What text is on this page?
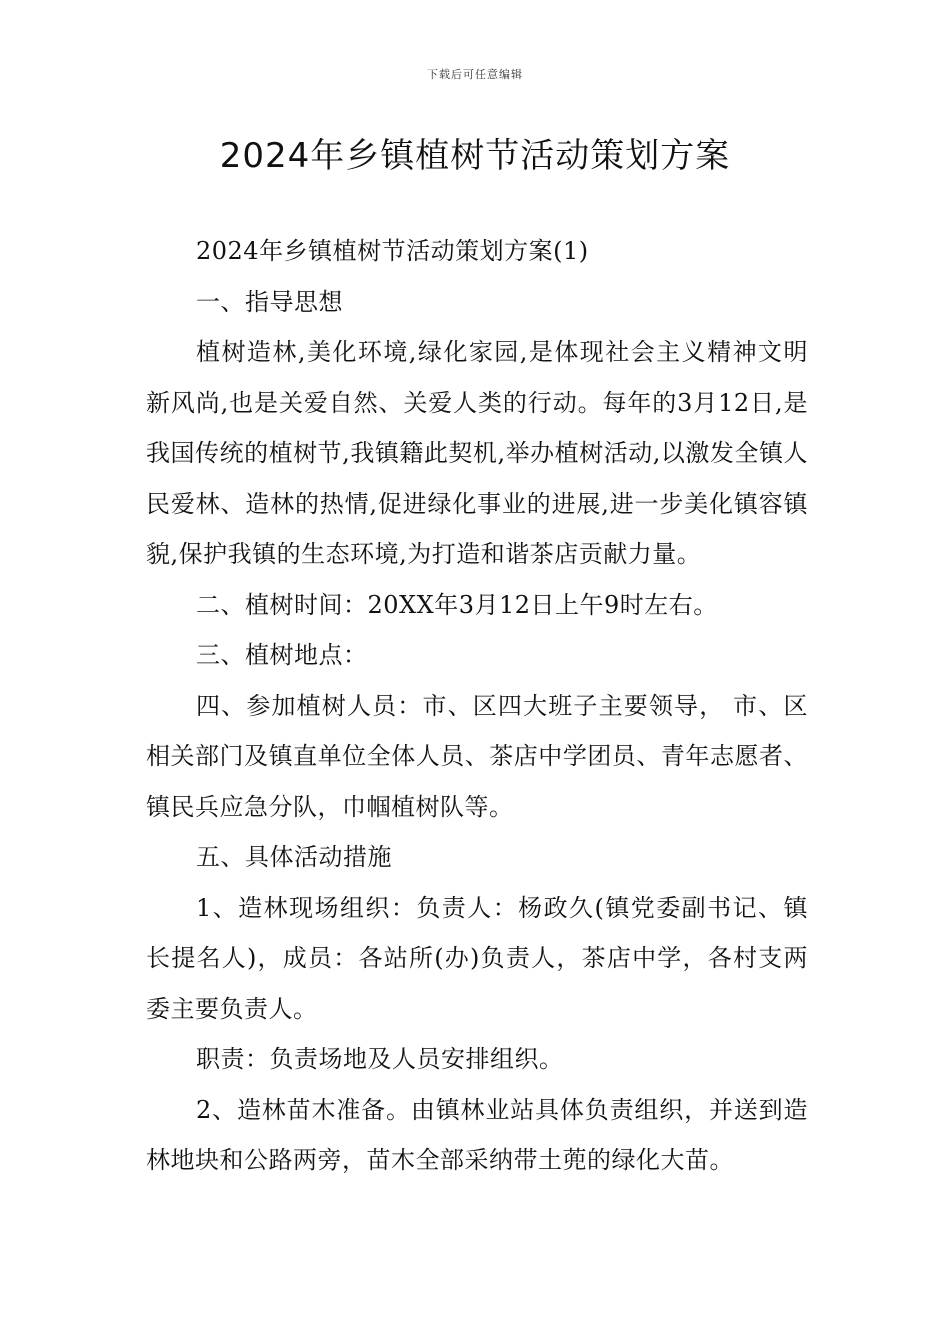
下载后可任意编辑
2024年乡镇植树节活动策划方案

2024年乡镇植树节活动策划方案(1)

一、指导思想

植树造林,美化环境,绿化家园,是体现社会主义精神文明新风尚,也是关爱自然、关爱人类的行动。每年的3月12日,是我国传统的植树节,我镇籍此契机,举办植树活动,以激发全镇人民爱林、造林的热情,促进绿化事业的进展,进一步美化镇容镇貌,保护我镇的生态环境,为打造和谐茶店贡献力量。

二、植树时间：20XX年3月12日上午9时左右。

三、植树地点：

四、参加植树人员：市、区四大班子主要领导， 市、区相关部门及镇直单位全体人员、茶店中学团员、青年志愿者、镇民兵应急分队，巾帼植树队等。

五、具体活动措施

1、造林现场组织：负责人：杨政久(镇党委副书记、镇长提名人)，成员：各站所(办)负责人，茶店中学，各村支两委主要负责人。

职责：负责场地及人员安排组织。

2、造林苗木准备。由镇林业站具体负责组织，并送到造林地块和公路两旁，苗木全部采纳带土蔸的绿化大苗。
